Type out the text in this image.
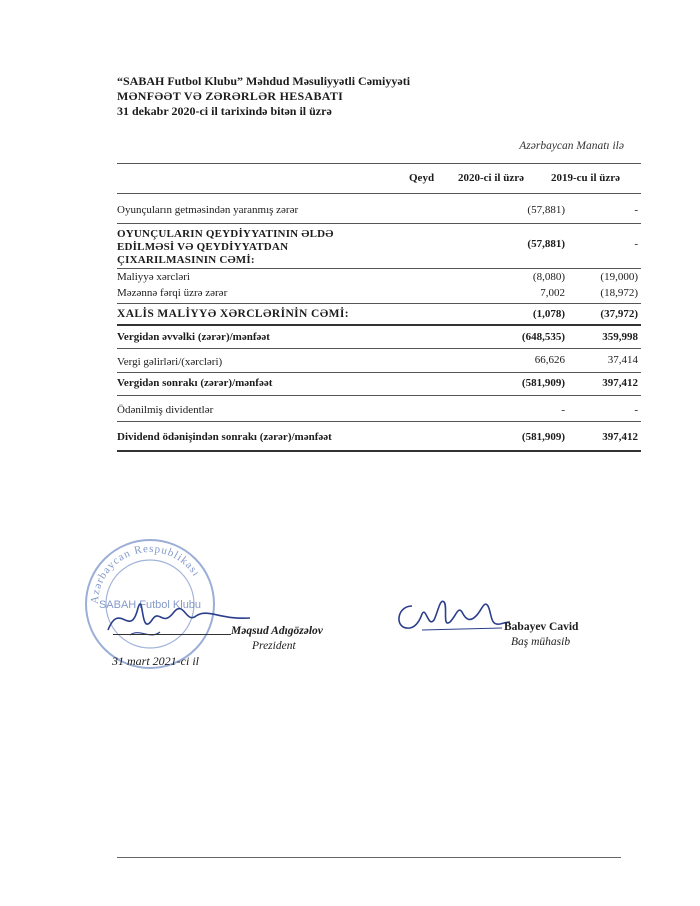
“SABAH Futbol Klubu” Məhdud Məsuliyyətli Cəmiyyəti
MƏNFƏƏT VƏ ZƏRƏRLƏR HESABATI
31 dekabr 2020-ci il tarixində bitən il üzrə
Azərbaycan Manatı ilə
Qeyd 2020-ci il üzrə 2019-cu il üzrə
Oyunçuların getməsindən yaranmış zərər	(57,881)	-
OYUNÇULARIN QEYDİYYATININ ƏLDƏ
EDİLMƏSİ VƏ QEYDİYYATDAN
ÇIXARILMASININ CƏMİ:
(57,881)	-
Maliyyə xərcləri	(8,080)	(19,000)
Məzənnə fərqi üzrə zərər	7,002	(18,972)
XALİS MALİYYƏ XƏRCLƏRİNİN CƏMİ:	(1,078)	(37,972)
Vergidən əvvəlki (zərər)/mənfəət	(648,535)	359,998
Vergi gəlirləri/(xərcləri)	66,626	37,414
Vergidən sonrakı (zərər)/mənfəət	(581,909)	397,412
Ödənilmiş dividentlər	-	-
Dividend ödənişindən sonrakı (zərər)/mənfəət	(581,909)	397,412
Azərbaycan Respublikası
SABAH Futbol Klubu
Məqsud Adıgözəlov
Prezident
31 mart 2021-ci il
Babayev Cavid
Baş mühasib
